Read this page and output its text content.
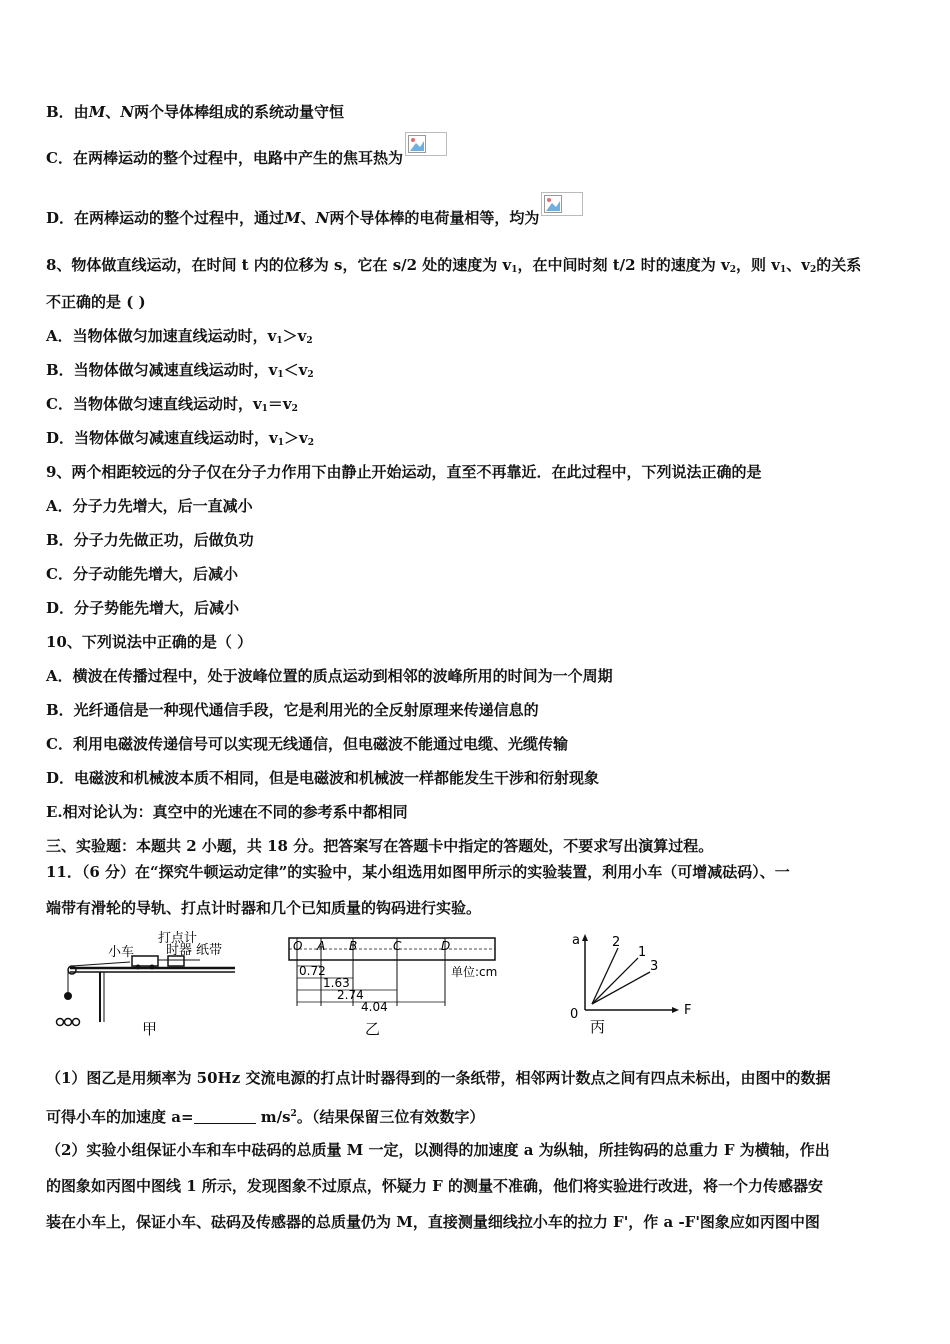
B．由M、N两个导体棒组成的系统动量守恒
C．在两棒运动的整个过程中，电路中产生的焦耳热为
D．在两棒运动的整个过程中，通过M、N两个导体棒的电荷量相等，均为
8、物体做直线运动，在时间 t 内的位移为 s，它在 s/2 处的速度为 $v_1$，在中间时刻 t/2 时的速度为 $v_2$，则 $v_1$、$v_2$的关系
不正确的是 ( )
A．当物体做匀加速直线运动时，$v_1>v_2$
B．当物体做匀减速直线运动时，$v_1<v_2$
C．当物体做匀速直线运动时，$v_1=v_2$
D．当物体做匀减速直线运动时，$v_1>v_2$
9、两个相距较远的分子仅在分子力作用下由静止开始运动，直至不再靠近．在此过程中，下列说法正确的是
A．分子力先增大，后一直减小
B．分子力先做正功，后做负功
C．分子动能先增大，后减小
D．分子势能先增大，后减小
10、下列说法中正确的是（ ）
A．横波在传播过程中，处于波峰位置的质点运动到相邻的波峰所用的时间为一个周期
B．光纤通信是一种现代通信手段，它是利用光的全反射原理来传递信息的
C．利用电磁波传递信号可以实现无线通信，但电磁波不能通过电缆、光缆传输
D．电磁波和机械波本质不相同，但是电磁波和机械波一样都能发生干涉和衍射现象
E.相对论认为：真空中的光速在不同的参考系中都相同
三、实验题：本题共 2 小题，共 18 分。把答案写在答题卡中指定的答题处，不要求写出演算过程。
11．（6 分）在“探究牛顿运动定律”的实验中，某小组选用如图甲所示的实验装置，利用小车（可增减砝码）、一
端带有滑轮的导轨、打点计时器和几个已知质量的钩码进行实验。
打点计
小车 时器 纸带
甲
O A B	C	D
0.72
1.63
2.74
4.04
单位:cm
乙
a
F
0
2
1
3
丙
（1）图乙是用频率为 50Hz 交流电源的打点计时器得到的一条纸带，相邻两计数点之间有四点未标出，由图中的数据
可得小车的加速度 a=	$m/s^2$。（结果保留三位有效数字）
（2）实验小组保证小车和车中砝码的总质量 M 一定，以测得的加速度 a 为纵轴，所挂钩码的总重力 F 为横轴，作出
的图象如丙图中图线 1 所示，发现图象不过原点，怀疑力 F 的测量不准确，他们将实验进行改进，将一个力传感器安
装在小车上，保证小车、砝码及传感器的总质量仍为 M，直接测量细线拉小车的拉力 F'，作 a -F'图象应如丙图中图
